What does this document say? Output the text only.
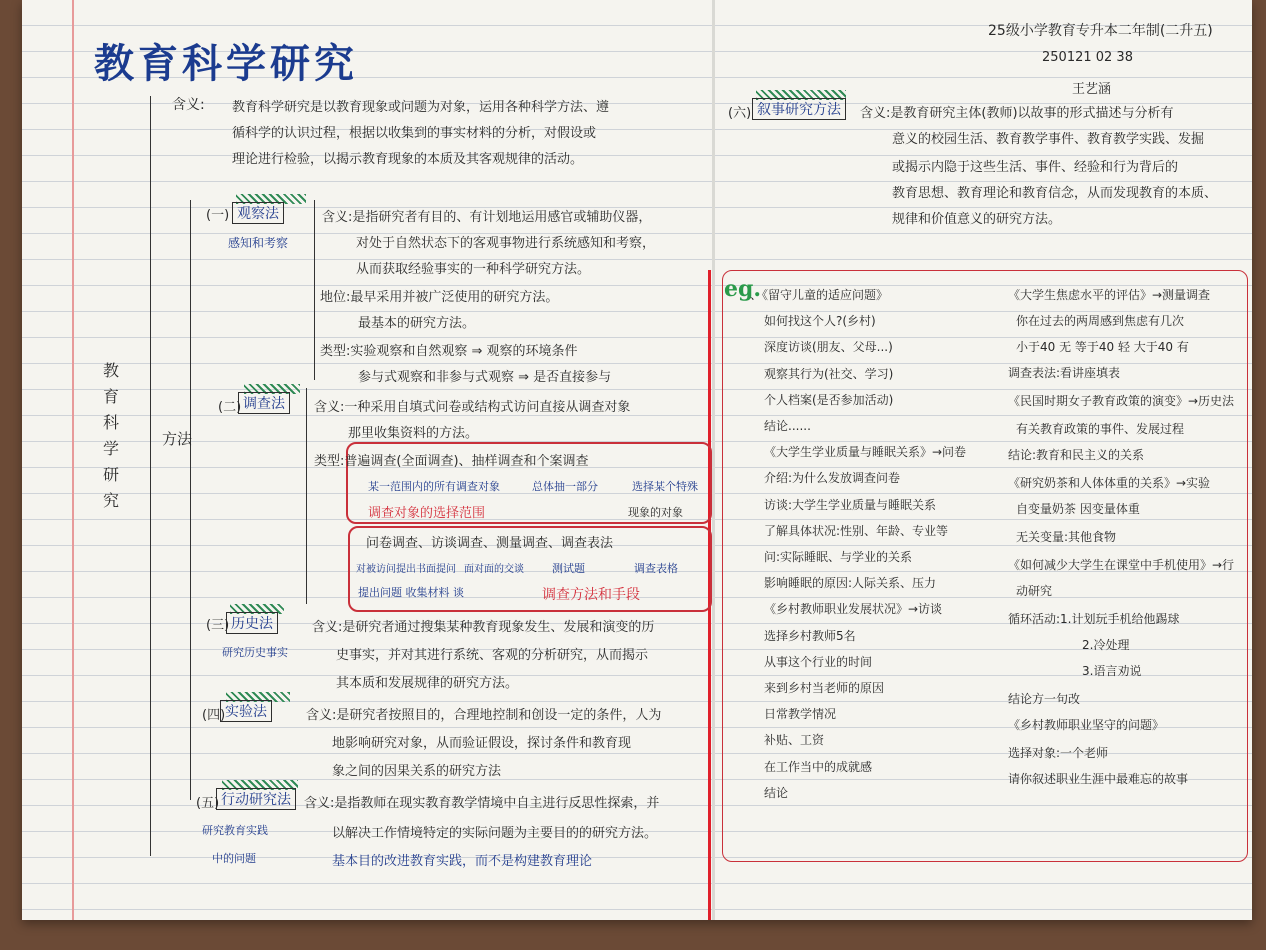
教育科学研究
25级小学教育专升本二年制(二升五)
250121 02 38
王艺涵
教
育
科
学
研
究
方法
含义: 教育科学研究是以教育现象或问题为对象，运用各种科学方法、遵
循科学的认识过程，根据以收集到的事实材料的分析，对假设或
理论进行检验，以揭示教育现象的本质及其客观规律的活动。
(一) 观察法
感知和考察
含义:是指研究者有目的、有计划地运用感官或辅助仪器，
对处于自然状态下的客观事物进行系统感知和考察，
从而获取经验事实的一种科学研究方法。
地位:最早采用并被广泛使用的研究方法。
最基本的研究方法。
类型:实验观察和自然观察 ⇒ 观察的环境条件
参与式观察和非参与式观察 ⇒ 是否直接参与
(二) 调查法	含义:一种采用自填式问卷或结构式访问直接从调查对象
那里收集资料的方法。
类型:普遍调查(全面调查)、抽样调查和个案调查
某一范围内的所有调查对象	总体抽一部分	选择某个特殊
调查对象的选择范围	现象的对象
问卷调查、访谈调查、测量调查、调查表法
对被访问提出书面提问 面对面的交谈	测试题	调查表格
提出问题 收集材料 谈	调查方法和手段
(三) 历史法
研究历史事实
含义:是研究者通过搜集某种教育现象发生、发展和演变的历
史事实，并对其进行系统、客观的分析研究，从而揭示
其本质和发展规律的研究方法。
(四) 实验法	含义:是研究者按照目的，合理地控制和创设一定的条件，人为
地影响研究对象，从而验证假设，探讨条件和教育现
象之间的因果关系的研究方法
(五) 行动研究法
研究教育实践
中的问题
含义:是指教师在现实教育教学情境中自主进行反思性探索，并
以解决工作情境特定的实际问题为主要目的的研究方法。
基本目的改进教育实践，而不是构建教育理论
(六) 叙事研究方法	含义:是教育研究主体(教师)以故事的形式描述与分析有
意义的校园生活、教育教学事件、教育教学实践、发掘
或揭示内隐于这些生活、事件、经验和行为背后的
教育思想、教育理论和教育信念，从而发现教育的本质、
规律和价值意义的研究方法。
eg.
、《留守儿童的适应问题》
如何找这个人?(乡村)
深度访谈(朋友、父母...)
观察其行为(社交、学习)
个人档案(是否参加活动)
结论......
《大学生学业质量与睡眠关系》→问卷
介绍:为什么发放调查问卷
访谈:大学生学业质量与睡眠关系
了解具体状况:性别、年龄、专业等
问:实际睡眠、与学业的关系
影响睡眠的原因:人际关系、压力
《乡村教师职业发展状况》→访谈
选择乡村教师5名
从事这个行业的时间
来到乡村当老师的原因
日常教学情况
补贴、工资
在工作当中的成就感
结论
《大学生焦虑水平的评估》→测量调查
你在过去的两周感到焦虑有几次
小于40 无 等于40 轻 大于40 有
调查表法:看讲座填表
《民国时期女子教育政策的演变》→历史法
有关教育政策的事件、发展过程
结论:教育和民主义的关系
《研究奶茶和人体体重的关系》→实验
自变量奶茶 因变量体重
无关变量:其他食物
《如何减少大学生在课堂中手机使用》→行
动研究
循环活动:1.计划玩手机给他踢球
2.冷处理
3.语言劝说
结论方一句改
《乡村教师职业坚守的问题》
选择对象:一个老师
请你叙述职业生涯中最难忘的故事
